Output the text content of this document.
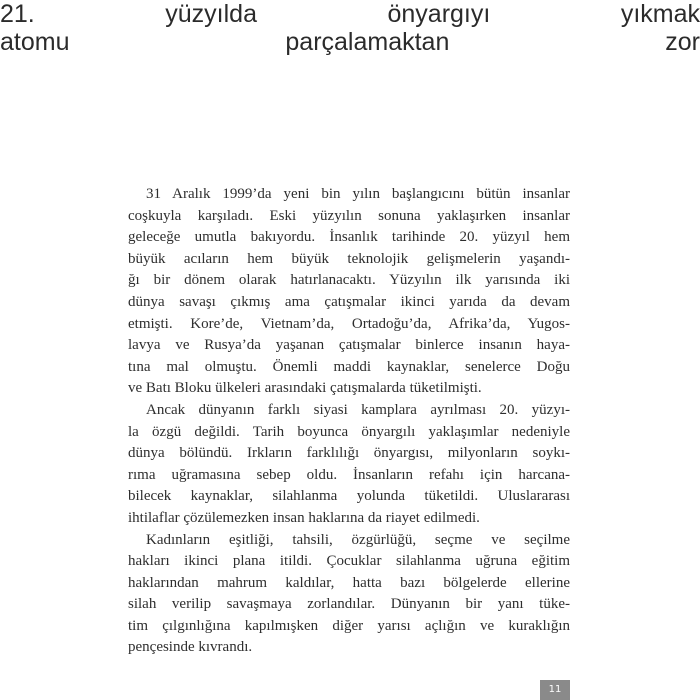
21. yüzyılda önyargıyı yıkmak
atomu parçalamaktan zor
31 Aralık 1999’da yeni bin yılın başlangıcını bütün insanlar
coşkuyla karşıladı. Eski yüzyılın sonuna yaklaşırken insanlar
geleceğe umutla bakıyordu. İnsanlık tarihinde 20. yüzyıl hem
büyük acıların hem büyük teknolojik gelişmelerin yaşandı-
ğı bir dönem olarak hatırlanacaktı. Yüzyılın ilk yarısında iki
dünya savaşı çıkmış ama çatışmalar ikinci yarıda da devam
etmişti. Kore’de, Vietnam’da, Ortadoğu’da, Afrika’da, Yugos-
lavya ve Rusya’da yaşanan çatışmalar binlerce insanın haya-
tına mal olmuştu. Önemli maddi kaynaklar, senelerce Doğu
ve Batı Bloku ülkeleri arasındaki çatışmalarda tüketilmişti.
Ancak dünyanın farklı siyasi kamplara ayrılması 20. yüzyı-
la özgü değildi. Tarih boyunca önyargılı yaklaşımlar nedeniyle
dünya bölündü. Irkların farklılığı önyargısı, milyonların soykı-
rıma uğramasına sebep oldu. İnsanların refahı için harcana-
bilecek kaynaklar, silahlanma yolunda tüketildi. Uluslararası
ihtilaflar çözülemezken insan haklarına da riayet edilmedi.
Kadınların eşitliği, tahsili, özgürlüğü, seçme ve seçilme
hakları ikinci plana itildi. Çocuklar silahlanma uğruna eğitim
haklarından mahrum kaldılar, hatta bazı bölgelerde ellerine
silah verilip savaşmaya zorlandılar. Dünyanın bir yanı tüke-
tim çılgınlığına kapılmışken diğer yarısı açlığın ve kuraklığın
pençesinde kıvrandı.
11
